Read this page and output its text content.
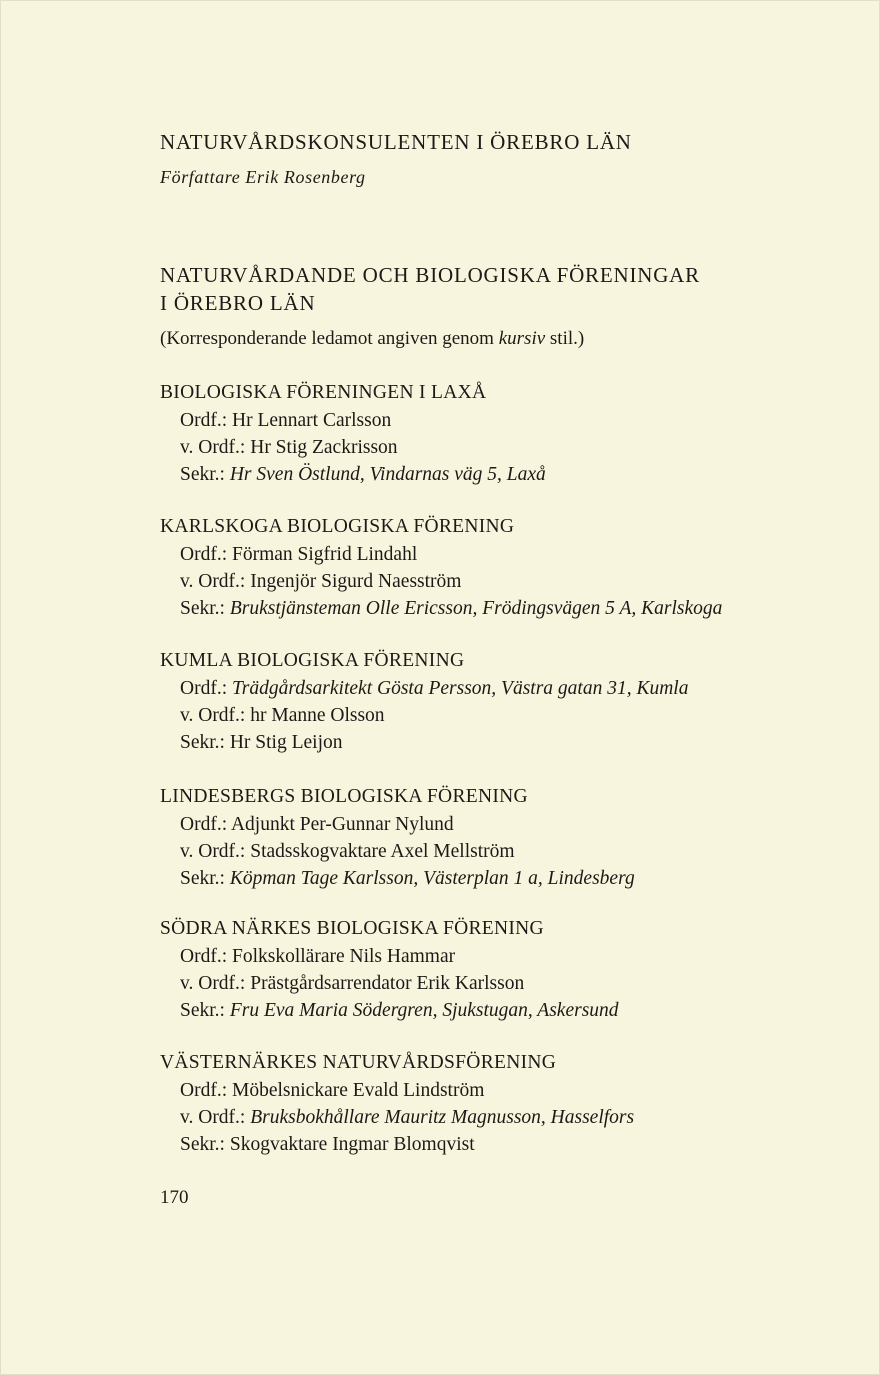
NATURVÅRDSKONSULENTEN I ÖREBRO LÄN
Författare Erik Rosenberg
NATURVÅRDANDE OCH BIOLOGISKA FÖRENINGAR
I ÖREBRO LÄN
(Korresponderande ledamot angiven genom kursiv stil.)
BIOLOGISKA FÖRENINGEN I LAXÅ
Ordf.: Hr Lennart Carlsson
v. Ordf.: Hr Stig Zackrisson
Sekr.: Hr Sven Östlund, Vindarnas väg 5, Laxå
KARLSKOGA BIOLOGISKA FÖRENING
Ordf.: Förman Sigfrid Lindahl
v. Ordf.: Ingenjör Sigurd Naesström
Sekr.: Brukstjänsteman Olle Ericsson, Frödingsvägen 5 A, Karlskoga
KUMLA BIOLOGISKA FÖRENING
Ordf.: Trädgårdsarkitekt Gösta Persson, Västra gatan 31, Kumla
v. Ordf.: hr Manne Olsson
Sekr.: Hr Stig Leijon
LINDESBERGS BIOLOGISKA FÖRENING
Ordf.: Adjunkt Per-Gunnar Nylund
v. Ordf.: Stadsskogvaktare Axel Mellström
Sekr.: Köpman Tage Karlsson, Västerplan 1 a, Lindesberg
SÖDRA NÄRKES BIOLOGISKA FÖRENING
Ordf.: Folkskollärare Nils Hammar
v. Ordf.: Prästgårdsarrendator Erik Karlsson
Sekr.: Fru Eva Maria Södergren, Sjukstugan, Askersund
VÄSTERNÄRKES NATURVÅRDSFÖRENING
Ordf.: Möbelsnickare Evald Lindström
v. Ordf.: Bruksbokhållare Mauritz Magnusson, Hasselfors
Sekr.: Skogvaktare Ingmar Blomqvist
170
